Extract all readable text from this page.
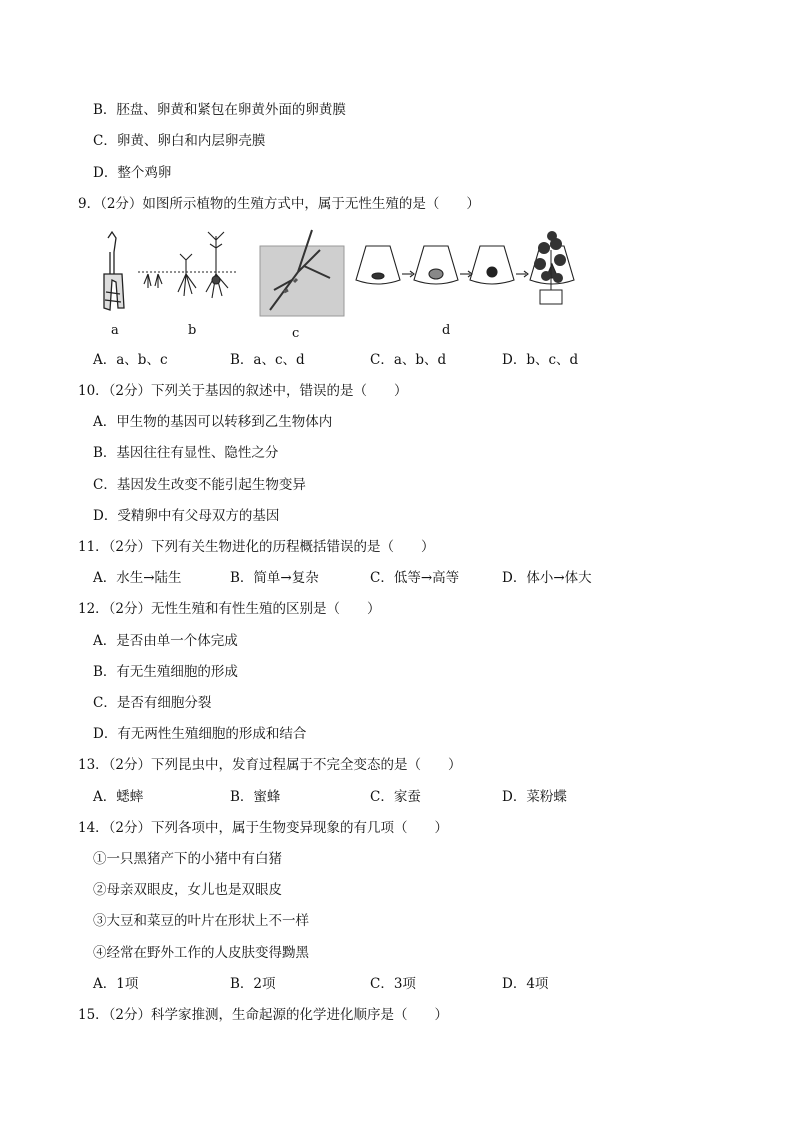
B．胚盘、卵黄和紧包在卵黄外面的卵黄膜
C．卵黄、卵白和内层卵壳膜
D．整个鸡卵
9．（2分）如图所示植物的生殖方式中，属于无性生殖的是（　　）
a	b	c	d
A．a、b、c	B．a、c、d	C．a、b、d	D．b、c、d
10．（2分）下列关于基因的叙述中，错误的是（　　）
A．甲生物的基因可以转移到乙生物体内
B．基因往往有显性、隐性之分
C．基因发生改变不能引起生物变异
D．受精卵中有父母双方的基因
11．（2分）下列有关生物进化的历程概括错误的是（　　）
A．水生→陆生	B．简单→复杂	C．低等→高等	D．体小→体大
12．（2分）无性生殖和有性生殖的区别是（　　）
A．是否由单一个体完成
B．有无生殖细胞的形成
C．是否有细胞分裂
D．有无两性生殖细胞的形成和结合
13．（2分）下列昆虫中，发育过程属于不完全变态的是（　　）
A．蟋蟀	B．蜜蜂	C．家蚕	D．菜粉蝶
14．（2分）下列各项中，属于生物变异现象的有几项（　　）
①一只黑猪产下的小猪中有白猪
②母亲双眼皮，女儿也是双眼皮
③大豆和菜豆的叶片在形状上不一样
④经常在野外工作的人皮肤变得黝黑
A．1项	B．2项	C．3项	D．4项
15．（2分）科学家推测，生命起源的化学进化顺序是（　　）
